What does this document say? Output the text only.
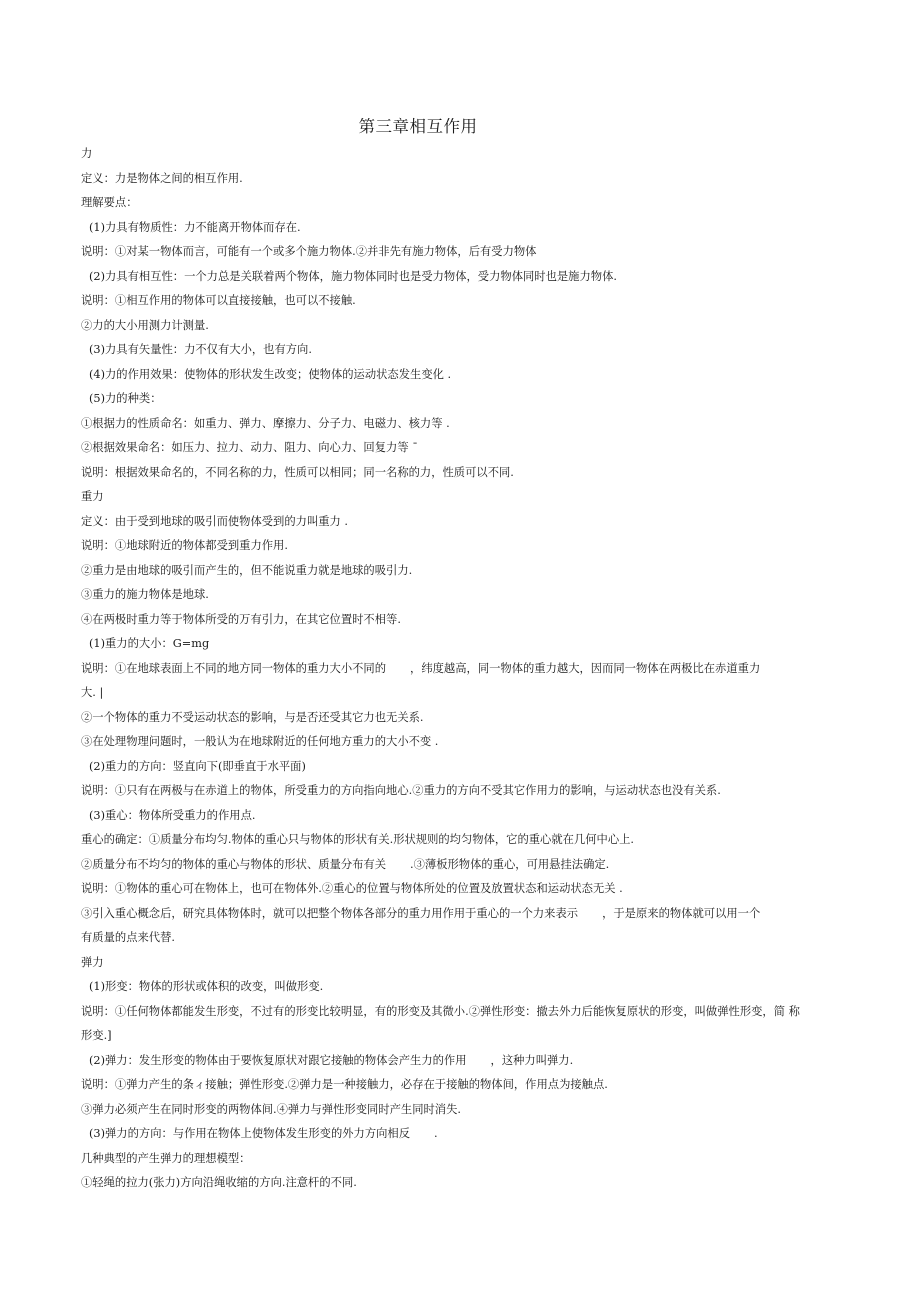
第三章相互作用
力
定义：力是物体之间的相互作用.
理解要点：
(1)力具有物质性：力不能离开物体而存在.
说明：①对某一物体而言，可能有一个或多个施力物体.②并非先有施力物体，后有受力物体
(2)力具有相互性：一个力总是关联着两个物体，施力物体同时也是受力物体，受力物体同时也是施力物体.
说明：①相互作用的物体可以直接接触，也可以不接触.
②力的大小用测力计测量.
(3)力具有矢量性：力不仅有大小，也有方向.
(4)力的作用效果：使物体的形状发生改变；使物体的运动状态发生变化 .
(5)力的种类：
①根据力的性质命名：如重力、弹力、摩擦力、分子力、电磁力、核力等 .
②根据效果命名：如压力、拉力、动力、阻力、向心力、回复力等 ˉ
说明：根据效果命名的，不同名称的力，性质可以相同；同一名称的力，性质可以不同.
重力
定义：由于受到地球的吸引而使物体受到的力叫重力 .
说明：①地球附近的物体都受到重力作用.
②重力是由地球的吸引而产生的，但不能说重力就是地球的吸引力.
③重力的施力物体是地球.
④在两极时重力等于物体所受的万有引力，在其它位置时不相等.
(1)重力的大小：G=mg
说明：①在地球表面上不同的地方同一物体的重力大小不同的 ，纬度越高，同一物体的重力越大，因而同一物体在两极比在赤道重力
大. |
②一个物体的重力不受运动状态的影响，与是否还受其它力也无关系.
③在处理物理问题时，一般认为在地球附近的任何地方重力的大小不变 .
(2)重力的方向：竖直向下(即垂直于水平面)
说明：①只有在两极与在赤道上的物体，所受重力的方向指向地心.②重力的方向不受其它作用力的影响，与运动状态也没有关系.
(3)重心：物体所受重力的作用点.
重心的确定：①质量分布均匀.物体的重心只与物体的形状有关.形状规则的均匀物体，它的重心就在几何中心上.
②质量分布不均匀的物体的重心与物体的形状、质量分布有关 .③薄板形物体的重心，可用悬挂法确定.
说明：①物体的重心可在物体上，也可在物体外.②重心的位置与物体所处的位置及放置状态和运动状态无关 .
③引入重心概念后，研究具体物体时，就可以把整个物体各部分的重力用作用于重心的一个力来表示 ，于是原来的物体就可以用一个
有质量的点来代替.
弹力
(1)形变：物体的形状或体积的改变，叫做形变.
说明：①任何物体都能发生形变，不过有的形变比较明显，有的形变及其微小.②弹性形变：撤去外力后能恢复原状的形变，叫做弹性形变，简 称
形变.]
(2)弹力：发生形变的物体由于要恢复原状对跟它接触的物体会产生力的作用 ，这种力叫弹力.
说明：①弹力产生的条ィ接触；弹性形变.②弹力是一种接触力，必存在于接触的物体间，作用点为接触点.
③弹力必须产生在同时形变的两物体间.④弹力与弹性形变同时产生同时消失.
(3)弹力的方向：与作用在物体上使物体发生形变的外力方向相反 .
几种典型的产生弹力的理想模型：
①轻绳的拉力(张力)方向沿绳收缩的方向.注意杆的不同.
